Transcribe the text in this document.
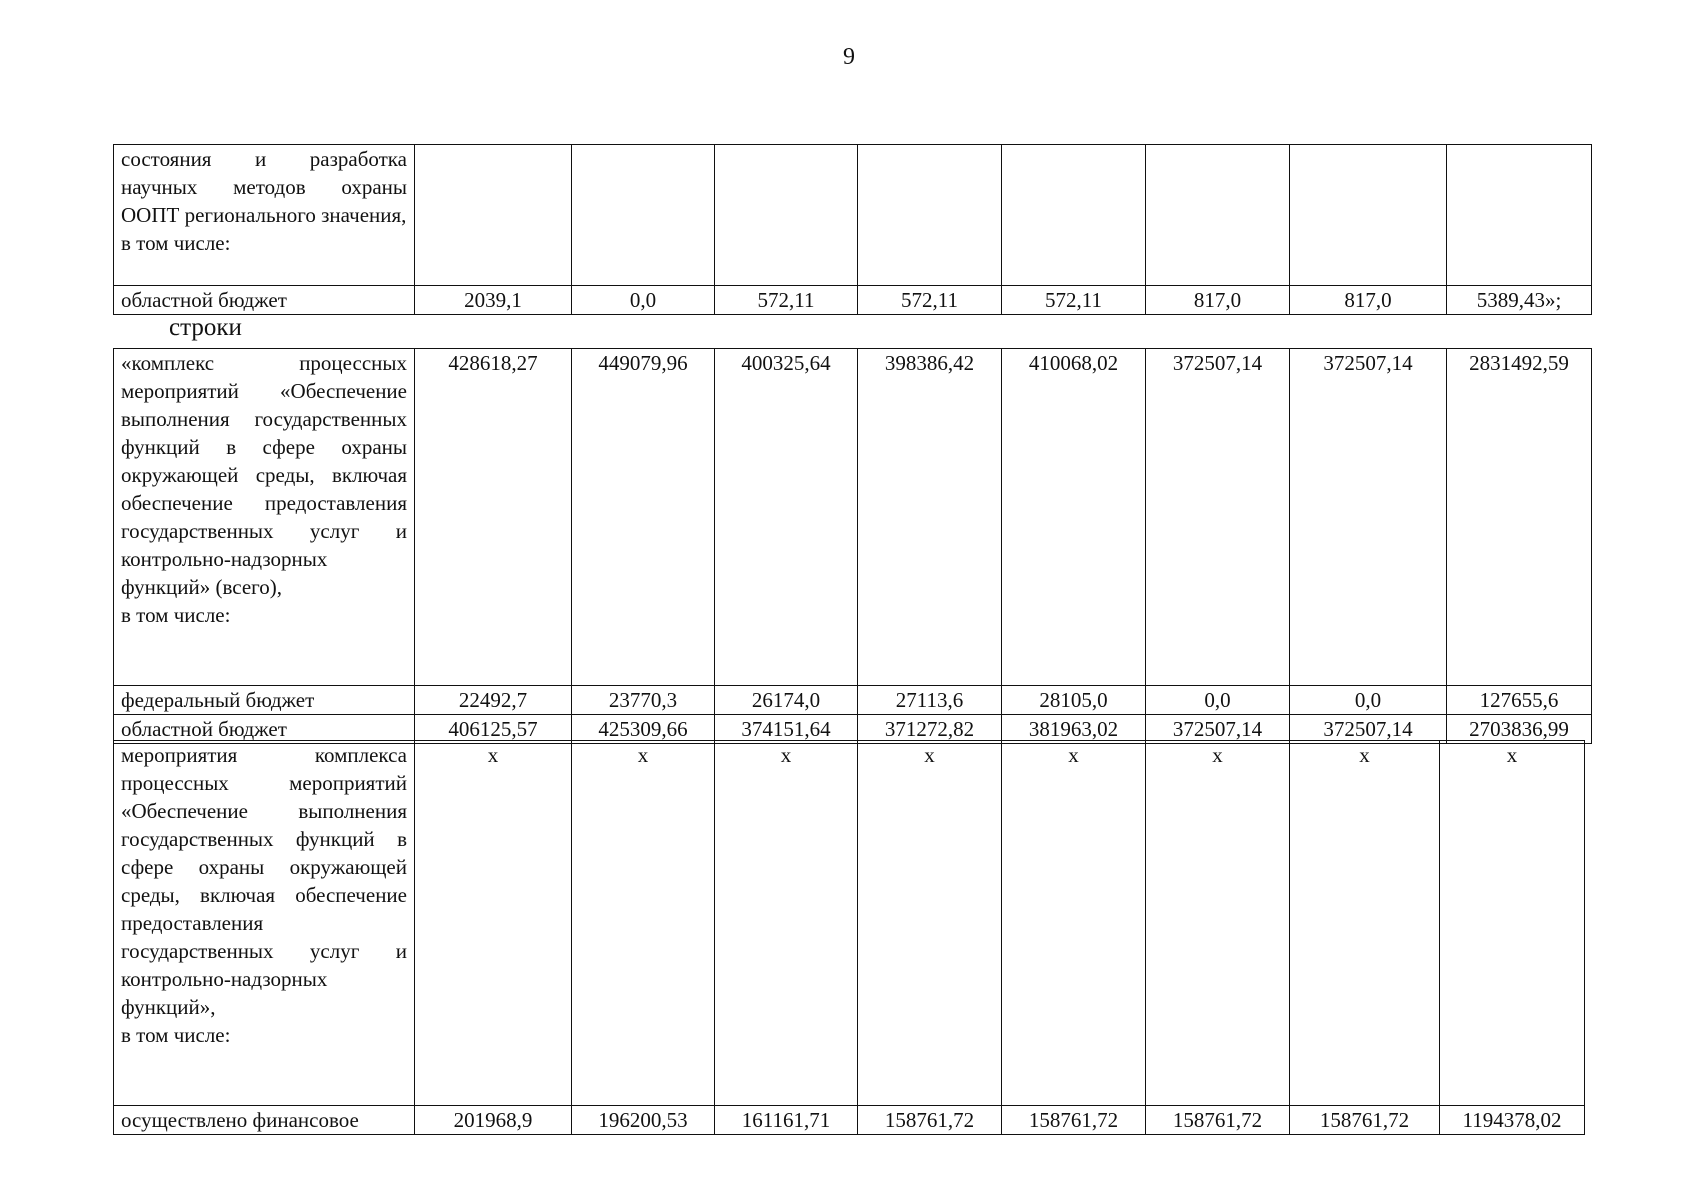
9
состояния и разработка научных методов охраны ООПТ регионального значения,
в том числе:								
областной бюджет	2039,1	0,0	572,11	572,11	572,11	817,0	817,0	5389,43»;
строки
«комплекс процессных мероприятий «Обеспечение выполнения государственных функций в сфере охраны окружающей среды, включая обеспечение предоставления государственных услуг и контрольно-надзорных функций» (всего),
в том числе:	428618,27	449079,96	400325,64	398386,42	410068,02	372507,14	372507,14	2831492,59
федеральный бюджет	22492,7	23770,3	26174,0	27113,6	28105,0	0,0	0,0	127655,6
областной бюджет	406125,57	425309,66	374151,64	371272,82	381963,02	372507,14	372507,14	2703836,99
мероприятия комплекса процессных мероприятий «Обеспечение выполнения государственных функций в сфере охраны окружающей среды, включая обеспечение предоставления государственных услуг и контрольно-надзорных функций»,
в том числе:	х	х	х	х	х	х	х	х
осуществлено финансовое	201968,9	196200,53	161161,71	158761,72	158761,72	158761,72	158761,72	1194378,02
